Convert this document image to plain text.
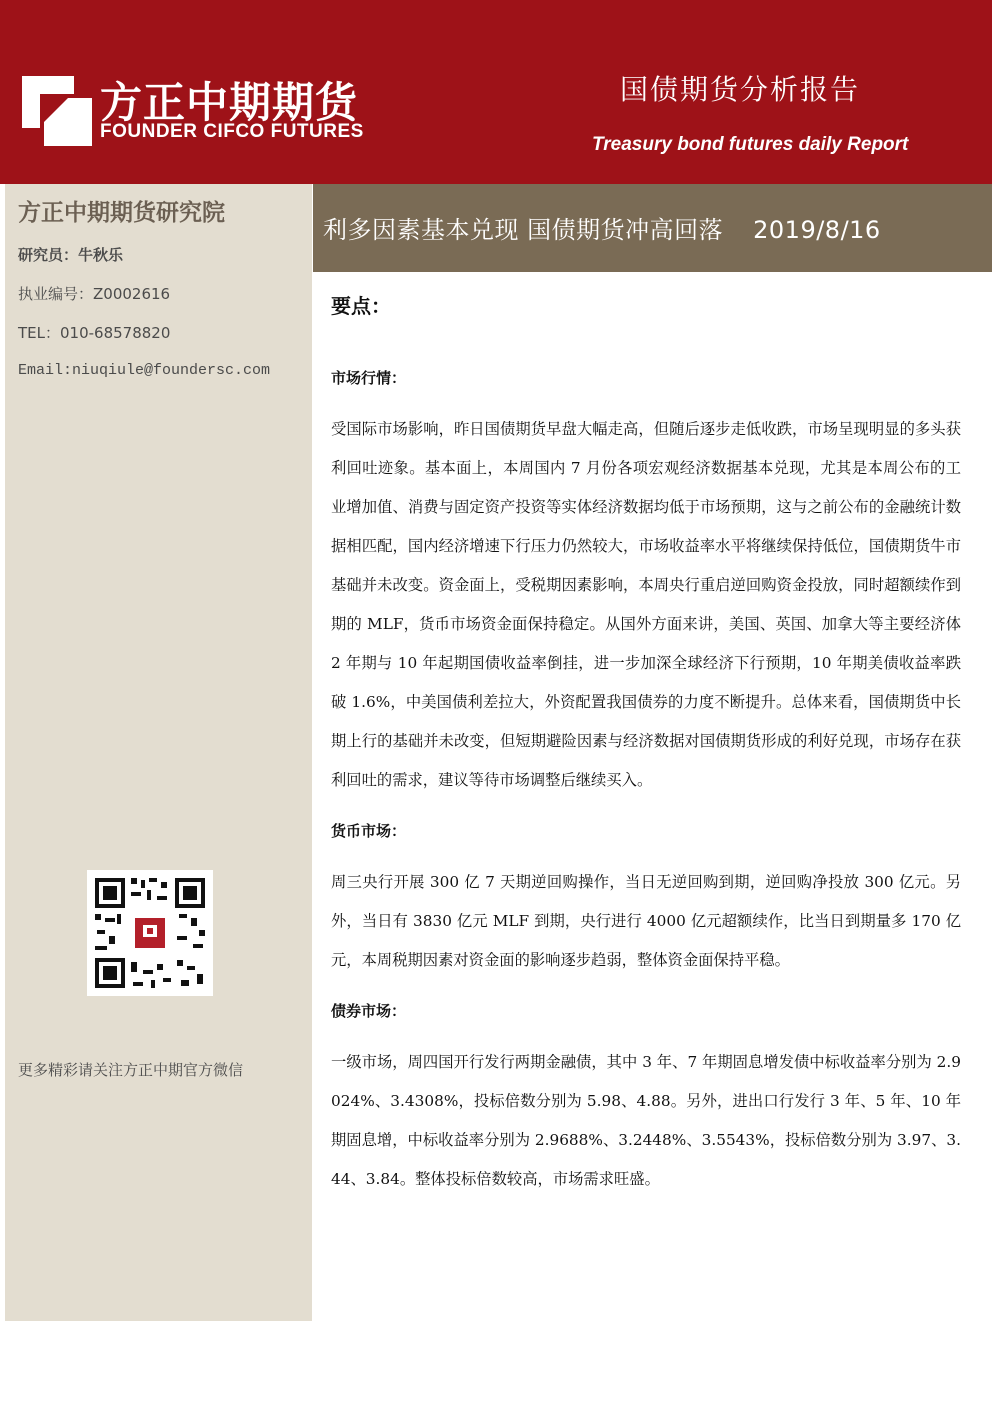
方正中期期货
FOUNDER CIFCO FUTURES
国债期货分析报告
Treasury bond futures daily Report
方正中期期货研究院
研究员：牛秋乐
执业编号：Z0002616
TEL：010-68578820
Email:niuqiule@foundersc.com
更多精彩请关注方正中期官方微信
利多因素基本兑现 国债期货冲高回落 2019/8/16
要点：

市场行情：

受国际市场影响，昨日国债期货早盘大幅走高，但随后逐步走低收跌，市场呈现明显的多头获利回吐迹象。基本面上，本周国内 7 月份各项宏观经济数据基本兑现，尤其是本周公布的工业增加值、消费与固定资产投资等实体经济数据均低于市场预期，这与之前公布的金融统计数据相匹配，国内经济增速下行压力仍然较大，市场收益率水平将继续保持低位，国债期货牛市基础并未改变。资金面上，受税期因素影响，本周央行重启逆回购资金投放，同时超额续作到期的 MLF，货币市场资金面保持稳定。从国外方面来讲，美国、英国、加拿大等主要经济体 2 年期与 10 年起期国债收益率倒挂，进一步加深全球经济下行预期，10 年期美债收益率跌破 1.6%，中美国债利差拉大，外资配置我国债券的力度不断提升。总体来看，国债期货中长期上行的基础并未改变，但短期避险因素与经济数据对国债期货形成的利好兑现，市场存在获利回吐的需求，建议等待市场调整后继续买入。

货币市场：

周三央行开展 300 亿 7 天期逆回购操作，当日无逆回购到期，逆回购净投放 300 亿元。另外，当日有 3830 亿元 MLF 到期，央行进行 4000 亿元超额续作，比当日到期量多 170 亿元，本周税期因素对资金面的影响逐步趋弱，整体资金面保持平稳。

债券市场：

一级市场，周四国开行发行两期金融债，其中 3 年、7 年期固息增发债中标收益率分别为 2.9024%、3.4308%，投标倍数分别为 5.98、4.88。另外，进出口行发行 3 年、5 年、10 年期固息增，中标收益率分别为 2.9688%、3.2448%、3.5543%，投标倍数分别为 3.97、3.44、3.84。整体投标倍数较高，市场需求旺盛。
